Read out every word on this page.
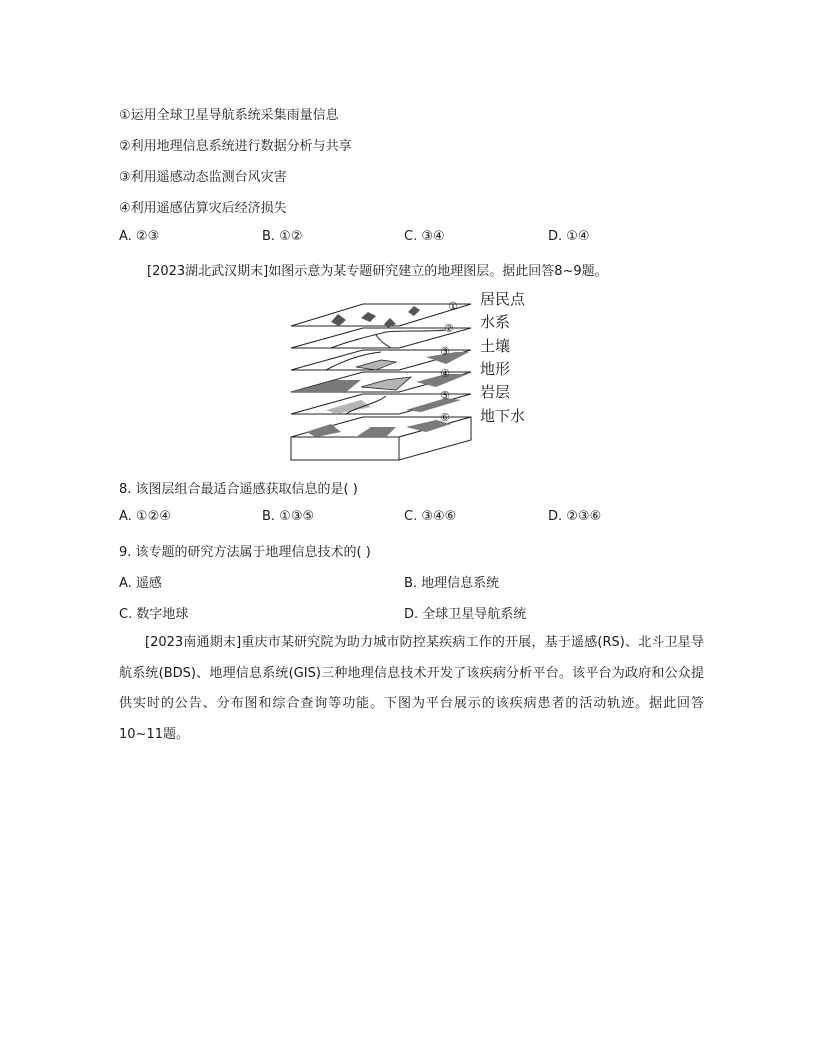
①运用全球卫星导航系统采集雨量信息
②利用地理信息系统进行数据分析与共享
③利用遥感动态监测台风灾害
④利用遥感估算灾后经济损失
A. ②③	B. ①②	C. ③④	D. ①④
[2023湖北武汉期末]如图示意为某专题研究建立的地理图层。据此回答8~9题。
① 居民点
② 水系
③ 土壤
④ 地形
⑤ 岩层
⑥ 地下水
8. 该图层组合最适合遥感获取信息的是( )
A. ①②④	B. ①③⑤	C. ③④⑥	D. ②③⑥
9. 该专题的研究方法属于地理信息技术的( )
A. 遥感	B. 地理信息系统
C. 数字地球	D. 全球卫星导航系统

[2023南通期末]重庆市某研究院为助力城市防控某疾病工作的开展，基于遥感(RS)、北斗卫星导航系统(BDS)、地理信息系统(GIS)三种地理信息技术开发了该疾病分析平台。该平台为政府和公众提供实时的公告、分布图和综合查询等功能。下图为平台展示的该疾病患者的活动轨迹。据此回答10~11题。
